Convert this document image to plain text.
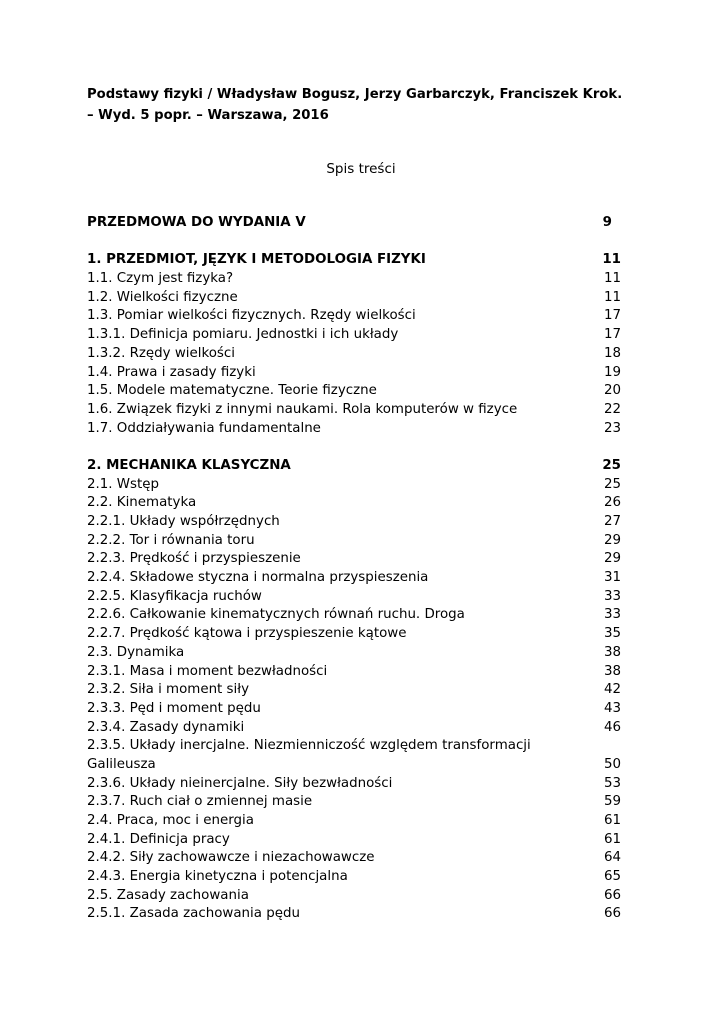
Podstawy fizyki / Władysław Bogusz, Jerzy Garbarczyk, Franciszek Krok.
– Wyd. 5 popr. – Warszawa, 2016
Spis treści
PRZEDMOWA DO WYDANIA V	9
1. PRZEDMIOT, JĘZYK I METODOLOGIA FIZYKI	11
1.1. Czym jest fizyka?	11
1.2. Wielkości fizyczne	11
1.3. Pomiar wielkości fizycznych. Rzędy wielkości	17
1.3.1. Definicja pomiaru. Jednostki i ich układy	17
1.3.2. Rzędy wielkości	18
1.4. Prawa i zasady fizyki	19
1.5. Modele matematyczne. Teorie fizyczne	20
1.6. Związek fizyki z innymi naukami. Rola komputerów w fizyce	22
1.7. Oddziaływania fundamentalne	23
2. MECHANIKA KLASYCZNA	25
2.1. Wstęp	25
2.2. Kinematyka	26
2.2.1. Układy współrzędnych	27
2.2.2. Tor i równania toru	29
2.2.3. Prędkość i przyspieszenie	29
2.2.4. Składowe styczna i normalna przyspieszenia	31
2.2.5. Klasyfikacja ruchów	33
2.2.6. Całkowanie kinematycznych równań ruchu. Droga	33
2.2.7. Prędkość kątowa i przyspieszenie kątowe	35
2.3. Dynamika	38
2.3.1. Masa i moment bezwładności	38
2.3.2. Siła i moment siły	42
2.3.3. Pęd i moment pędu	43
2.3.4. Zasady dynamiki	46
2.3.5. Układy inercjalne. Niezmienniczość względem transformacji
Galileusza	50
2.3.6. Układy nieinercjalne. Siły bezwładności	53
2.3.7. Ruch ciał o zmiennej masie	59
2.4. Praca, moc i energia	61
2.4.1. Definicja pracy	61
2.4.2. Siły zachowawcze i niezachowawcze	64
2.4.3. Energia kinetyczna i potencjalna	65
2.5. Zasady zachowania	66
2.5.1. Zasada zachowania pędu	66
